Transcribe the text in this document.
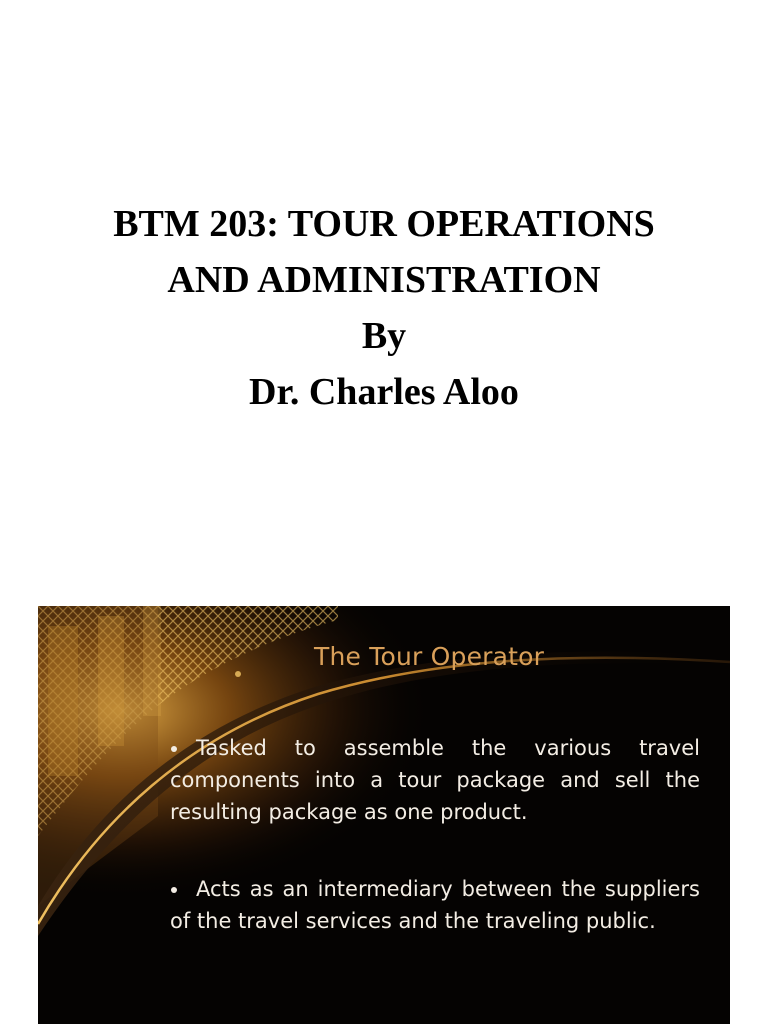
BTM 203: TOUR OPERATIONS
AND ADMINISTRATION
By
Dr. Charles Aloo
The Tour Operator
Tasked to assemble the various travel components into a tour package and sell the resulting package as one product.
Acts as an intermediary between the suppliers of the travel services and the traveling public.
